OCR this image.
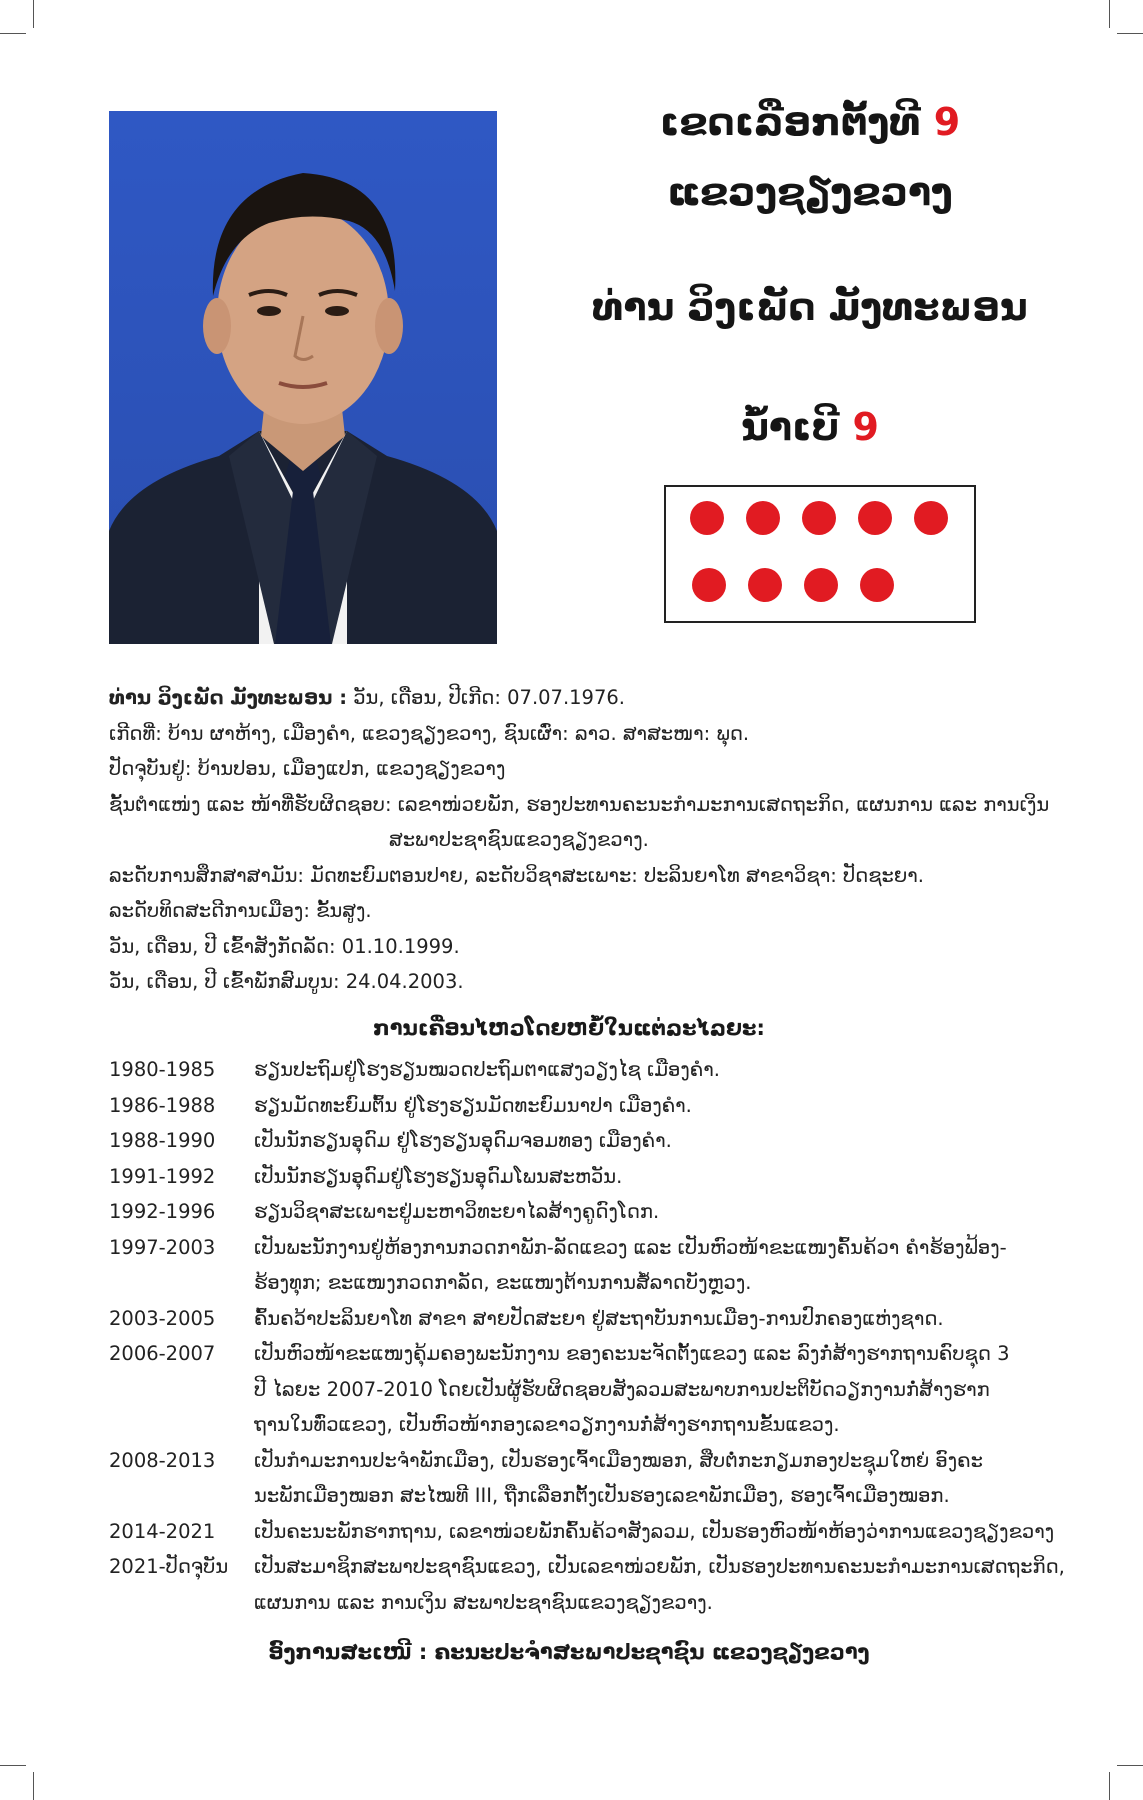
ເຂດເລືອກຕັ້ງທີ 9
ແຂວງຊຽງຂວາງ
ທ່ານ ວິງເພັດ ມັງທະພອນ
ນໍ້າເບີ 9
ທ່ານ ວິງເພັດ ມັງທະພອນ : ວັນ, ເດືອນ, ປີເກີດ: 07.07.1976.
ເກີດທີ່: ບ້ານ ຜາຫ້າງ, ເມືອງຄໍາ, ແຂວງຊຽງຂວາງ, ຊົນເຜົ່າ: ລາວ. ສາສະໜາ: ພຸດ.
ປັດຈຸບັນຢູ່: ບ້ານປອນ, ເມືອງແປກ, ແຂວງຊຽງຂວາງ
ຊັ້ນຕໍາແໜ່ງ ແລະ ໜ້າທີ່ຮັບຜິດຊອບ: ເລຂາໜ່ວຍພັກ, ຮອງປະທານຄະນະກໍາມະການເສດຖະກິດ, ແຜນການ ແລະ ການເງິນ
ສະພາປະຊາຊົນແຂວງຊຽງຂວາງ.
ລະດັບການສຶກສາສາມັນ: ມັດທະຍົມຕອນປາຍ, ລະດັບວິຊາສະເພາະ: ປະລິນຍາໂທ ສາຂາວິຊາ: ປັດຊະຍາ.
ລະດັບທິດສະດີການເມືອງ: ຂັ້ນສູງ.
ວັນ, ເດືອນ, ປີ ເຂົ້າສັງກັດລັດ: 01.10.1999.
ວັນ, ເດືອນ, ປີ ເຂົ້າພັກສົມບູນ: 24.04.2003.
ການເຄື່ອນໄຫວໂດຍຫຍໍ້ໃນແຕ່ລະໄລຍະ:
1980-1985	ຮຽນປະຖົມຢູ່ໂຮງຮຽນໝວດປະຖົມຕາແສງວຽງໄຊ ເມືອງຄໍາ.
1986-1988	ຮຽນມັດທະຍົມຕົ້ນ ຢູ່ໂຮງຮຽນມັດທະຍົມນາປາ ເມືອງຄໍາ.
1988-1990	ເປັນນັກຮຽນອຸດົມ ຢູ່ໂຮງຮຽນອຸດົມຈອມທອງ ເມືອງຄໍາ.
1991-1992	ເປັນນັກຮຽນອຸດົມຢູ່ໂຮງຮຽນອຸດົມໂພນສະຫວັນ.
1992-1996	ຮຽນວິຊາສະເພາະຢູ່ມະຫາວິທະຍາໄລສ້າງຄູດົງໂດກ.
1997-2003	ເປັນພະນັກງານຢູ່ຫ້ອງການກວດກາພັກ-ລັດແຂວງ ແລະ ເປັນຫົວໜ້າຂະແໜງຄົ້ນຄ້ວາ ຄໍາຮ້ອງຟ້ອງ-
ຮ້ອງທຸກ; ຂະແໜງກວດກາລັດ, ຂະແໜງຕ້ານການສໍ້ລາດບັງຫຼວງ.
2003-2005	ຄົ້ນຄວ້າປະລິນຍາໂທ ສາຂາ ສາຍປັດສະຍາ ຢູ່ສະຖາບັນການເມືອງ-ການປົກຄອງແຫ່ງຊາດ.
2006-2007	ເປັນຫົວໜ້າຂະແໜງຄຸ້ມຄອງພະນັກງານ ຂອງຄະນະຈັດຕັ້ງແຂວງ ແລະ ລົງກໍ່ສ້າງຮາກຖານຄົບຊຸດ 3
ປີ ໄລຍະ 2007-2010 ໂດຍເປັນຜູ້ຮັບຜິດຊອບສັງລວມສະພາບການປະຕິບັດວຽກງານກໍ່ສ້າງຮາກ
ຖານໃນທົ່ວແຂວງ, ເປັນຫົວໜ້າກອງເລຂາວຽກງານກໍ່ສ້າງຮາກຖານຂັ້ນແຂວງ.
2008-2013	ເປັນກໍາມະການປະຈໍາພັກເມືອງ, ເປັນຮອງເຈົ້າເມືອງໝອກ, ສືບຕໍ່ກະກຽມກອງປະຊຸມໃຫຍ່ ອົງຄະ
ນະພັກເມືອງໝອກ ສະໄໝທີ III, ຖືກເລືອກຕັ້ງເປັນຮອງເລຂາພັກເມືອງ, ຮອງເຈົ້າເມືອງໝອກ.
2014-2021	ເປັນຄະນະພັກຮາກຖານ, ເລຂາໜ່ວຍພັກຄົ້ນຄ້ວາສັງລວມ, ເປັນຮອງຫົວໜ້າຫ້ອງວ່າການແຂວງຊຽງຂວາງ
2021-ປັດຈຸບັນ	ເປັນສະມາຊິກສະພາປະຊາຊົນແຂວງ, ເປັນເລຂາໜ່ວຍພັກ, ເປັນຮອງປະທານຄະນະກໍາມະການເສດຖະກິດ,
ແຜນການ ແລະ ການເງິນ ສະພາປະຊາຊົນແຂວງຊຽງຂວາງ.
ອົງການສະເໜີ : ຄະນະປະຈໍາສະພາປະຊາຊົນ ແຂວງຊຽງຂວາງ
